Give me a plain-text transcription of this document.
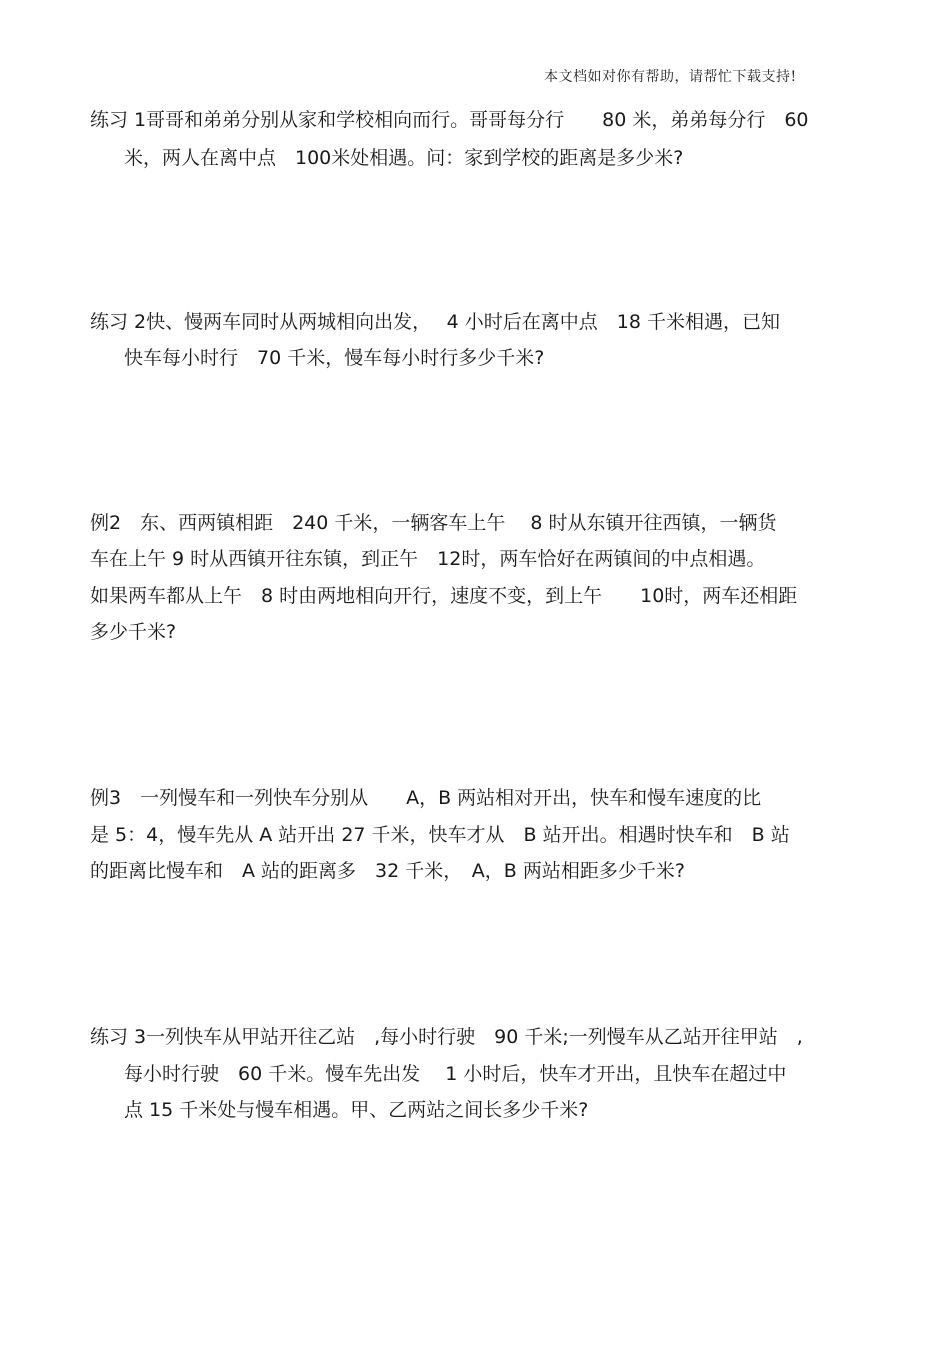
本文档如对你有帮助，请帮忙下载支持!
练习 1哥哥和弟弟分别从家和学校相向而行。哥哥每分行　　80 米，弟弟每分行　60
米，两人在离中点　100米处相遇。问：家到学校的距离是多少米?
练习 2快、慢两车同时从两城相向出发，　 4 小时后在离中点　18 千米相遇，已知
快车每小时行　70 千米，慢车每小时行多少千米?
例2　东、西两镇相距　240 千米，一辆客车上午　 8 时从东镇开往西镇，一辆货
车在上午 9 时从西镇开往东镇，到正午　12时，两车恰好在两镇间的中点相遇。
如果两车都从上午　8 时由两地相向开行，速度不变，到上午　　10时，两车还相距
多少千米?
例3　一列慢车和一列快车分别从　　A，B 两站相对开出，快车和慢车速度的比
是 5：4，慢车先从 A 站开出 27 千米，快车才从　B 站开出。相遇时快车和　B 站
的距离比慢车和　A 站的距离多　32 千米，　A，B 两站相距多少千米?
练习 3一列快车从甲站开往乙站　,每小时行驶　90 千米;一列慢车从乙站开往甲站　,
每小时行驶　60 千米。慢车先出发　 1 小时后，快车才开出，且快车在超过中
点 15 千米处与慢车相遇。甲、乙两站之间长多少千米?
